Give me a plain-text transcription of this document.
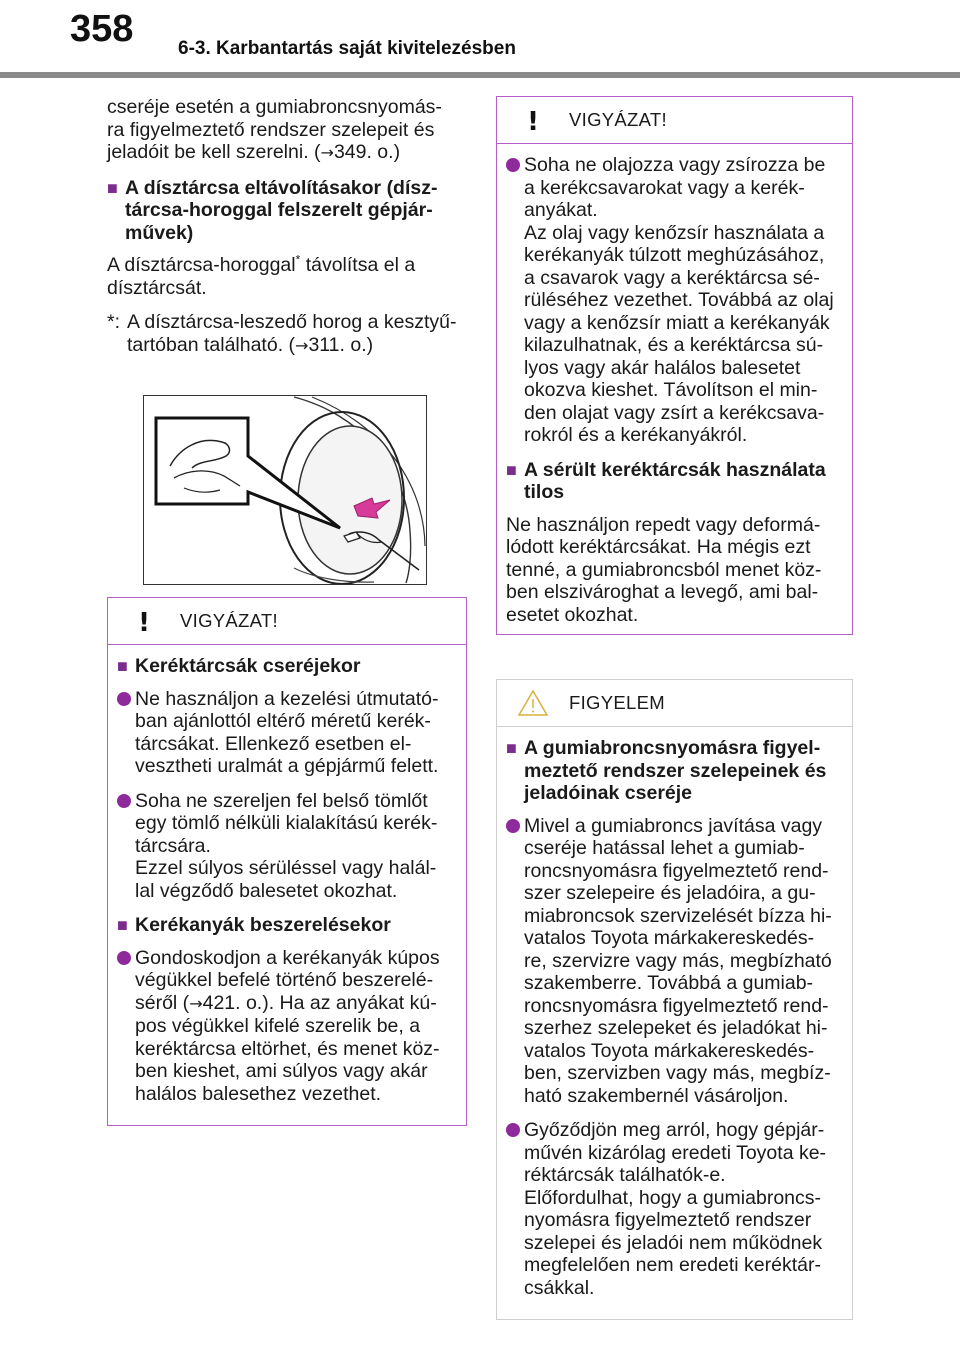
358 6-3. Karbantartás saját kivitelezésben

cseréje esetén a gumiabroncsnyomás-
ra figyelmeztető rendszer szelepeit és
jeladóit be kell szerelni. (→349. o.)

■ A dísztárcsa eltávolításakor (dísz-
tárcsa-horoggal felszerelt gépjár-
művek)

A dísztárcsa-horoggal* távolítsa el a
dísztárcsát.

*: A dísztárcsa-leszedő horog a kesztyű-
tartóban található. (→311. o.)
! VIGYÁZAT!
■ Keréktárcsák cseréjekor
Ne használjon a kezelési útmutató-
ban ajánlottól eltérő méretű kerék-
tárcsákat. Ellenkező esetben el-
vesztheti uralmát a gépjármű felett.
Soha ne szereljen fel belső tömlőt
egy tömlő nélküli kialakítású kerék-
tárcsára.
Ezzel súlyos sérüléssel vagy halál-
lal végződő balesetet okozhat.
■ Kerékanyák beszerelésekor
Gondoskodjon a kerékanyák kúpos
végükkel befelé történő beszerelé-
séről (→421. o.). Ha az anyákat kú-
pos végükkel kifelé szerelik be, a
keréktárcsa eltörhet, és menet köz-
ben kieshet, ami súlyos vagy akár
halálos balesethez vezethet.
! VIGYÁZAT!
Soha ne olajozza vagy zsírozza be
a kerékcsavarokat vagy a kerék-
anyákat.
Az olaj vagy kenőzsír használata a
kerékanyák túlzott meghúzásához,
a csavarok vagy a keréktárcsa sé-
rüléséhez vezethet. Továbbá az olaj
vagy a kenőzsír miatt a kerékanyák
kilazulhatnak, és a keréktárcsa sú-
lyos vagy akár halálos balesetet
okozva kieshet. Távolítson el min-
den olajat vagy zsírt a kerékcsava-
rokról és a kerékanyákról.
■ A sérült keréktárcsák használata
tilos

Ne használjon repedt vagy deformá-
lódott keréktárcsákat. Ha mégis ezt
tenné, a gumiabroncsból menet köz-
ben elszivároghat a levegő, ami bal-
esetet okozhat.

FIGYELEM
■ A gumiabroncsnyomásra figyel-
meztető rendszer szelepeinek és
jeladóinak cseréje
Mivel a gumiabroncs javítása vagy
cseréje hatással lehet a gumiab-
roncsnyomásra figyelmeztető rend-
szer szelepeire és jeladóira, a gu-
miabroncsok szervizelését bízza hi-
vatalos Toyota márkakereskedés-
re, szervizre vagy más, megbízható
szakemberre. Továbbá a gumiab-
roncsnyomásra figyelmeztető rend-
szerhez szelepeket és jeladókat hi-
vatalos Toyota márkakereskedés-
ben, szervizben vagy más, megbíz-
ható szakembernél vásároljon.
Győződjön meg arról, hogy gépjár-
művén kizárólag eredeti Toyota ke-
réktárcsák találhatók-e.
Előfordulhat, hogy a gumiabroncs-
nyomásra figyelmeztető rendszer
szelepei és jeladói nem működnek
megfelelően nem eredeti keréktár-
csákkal.
